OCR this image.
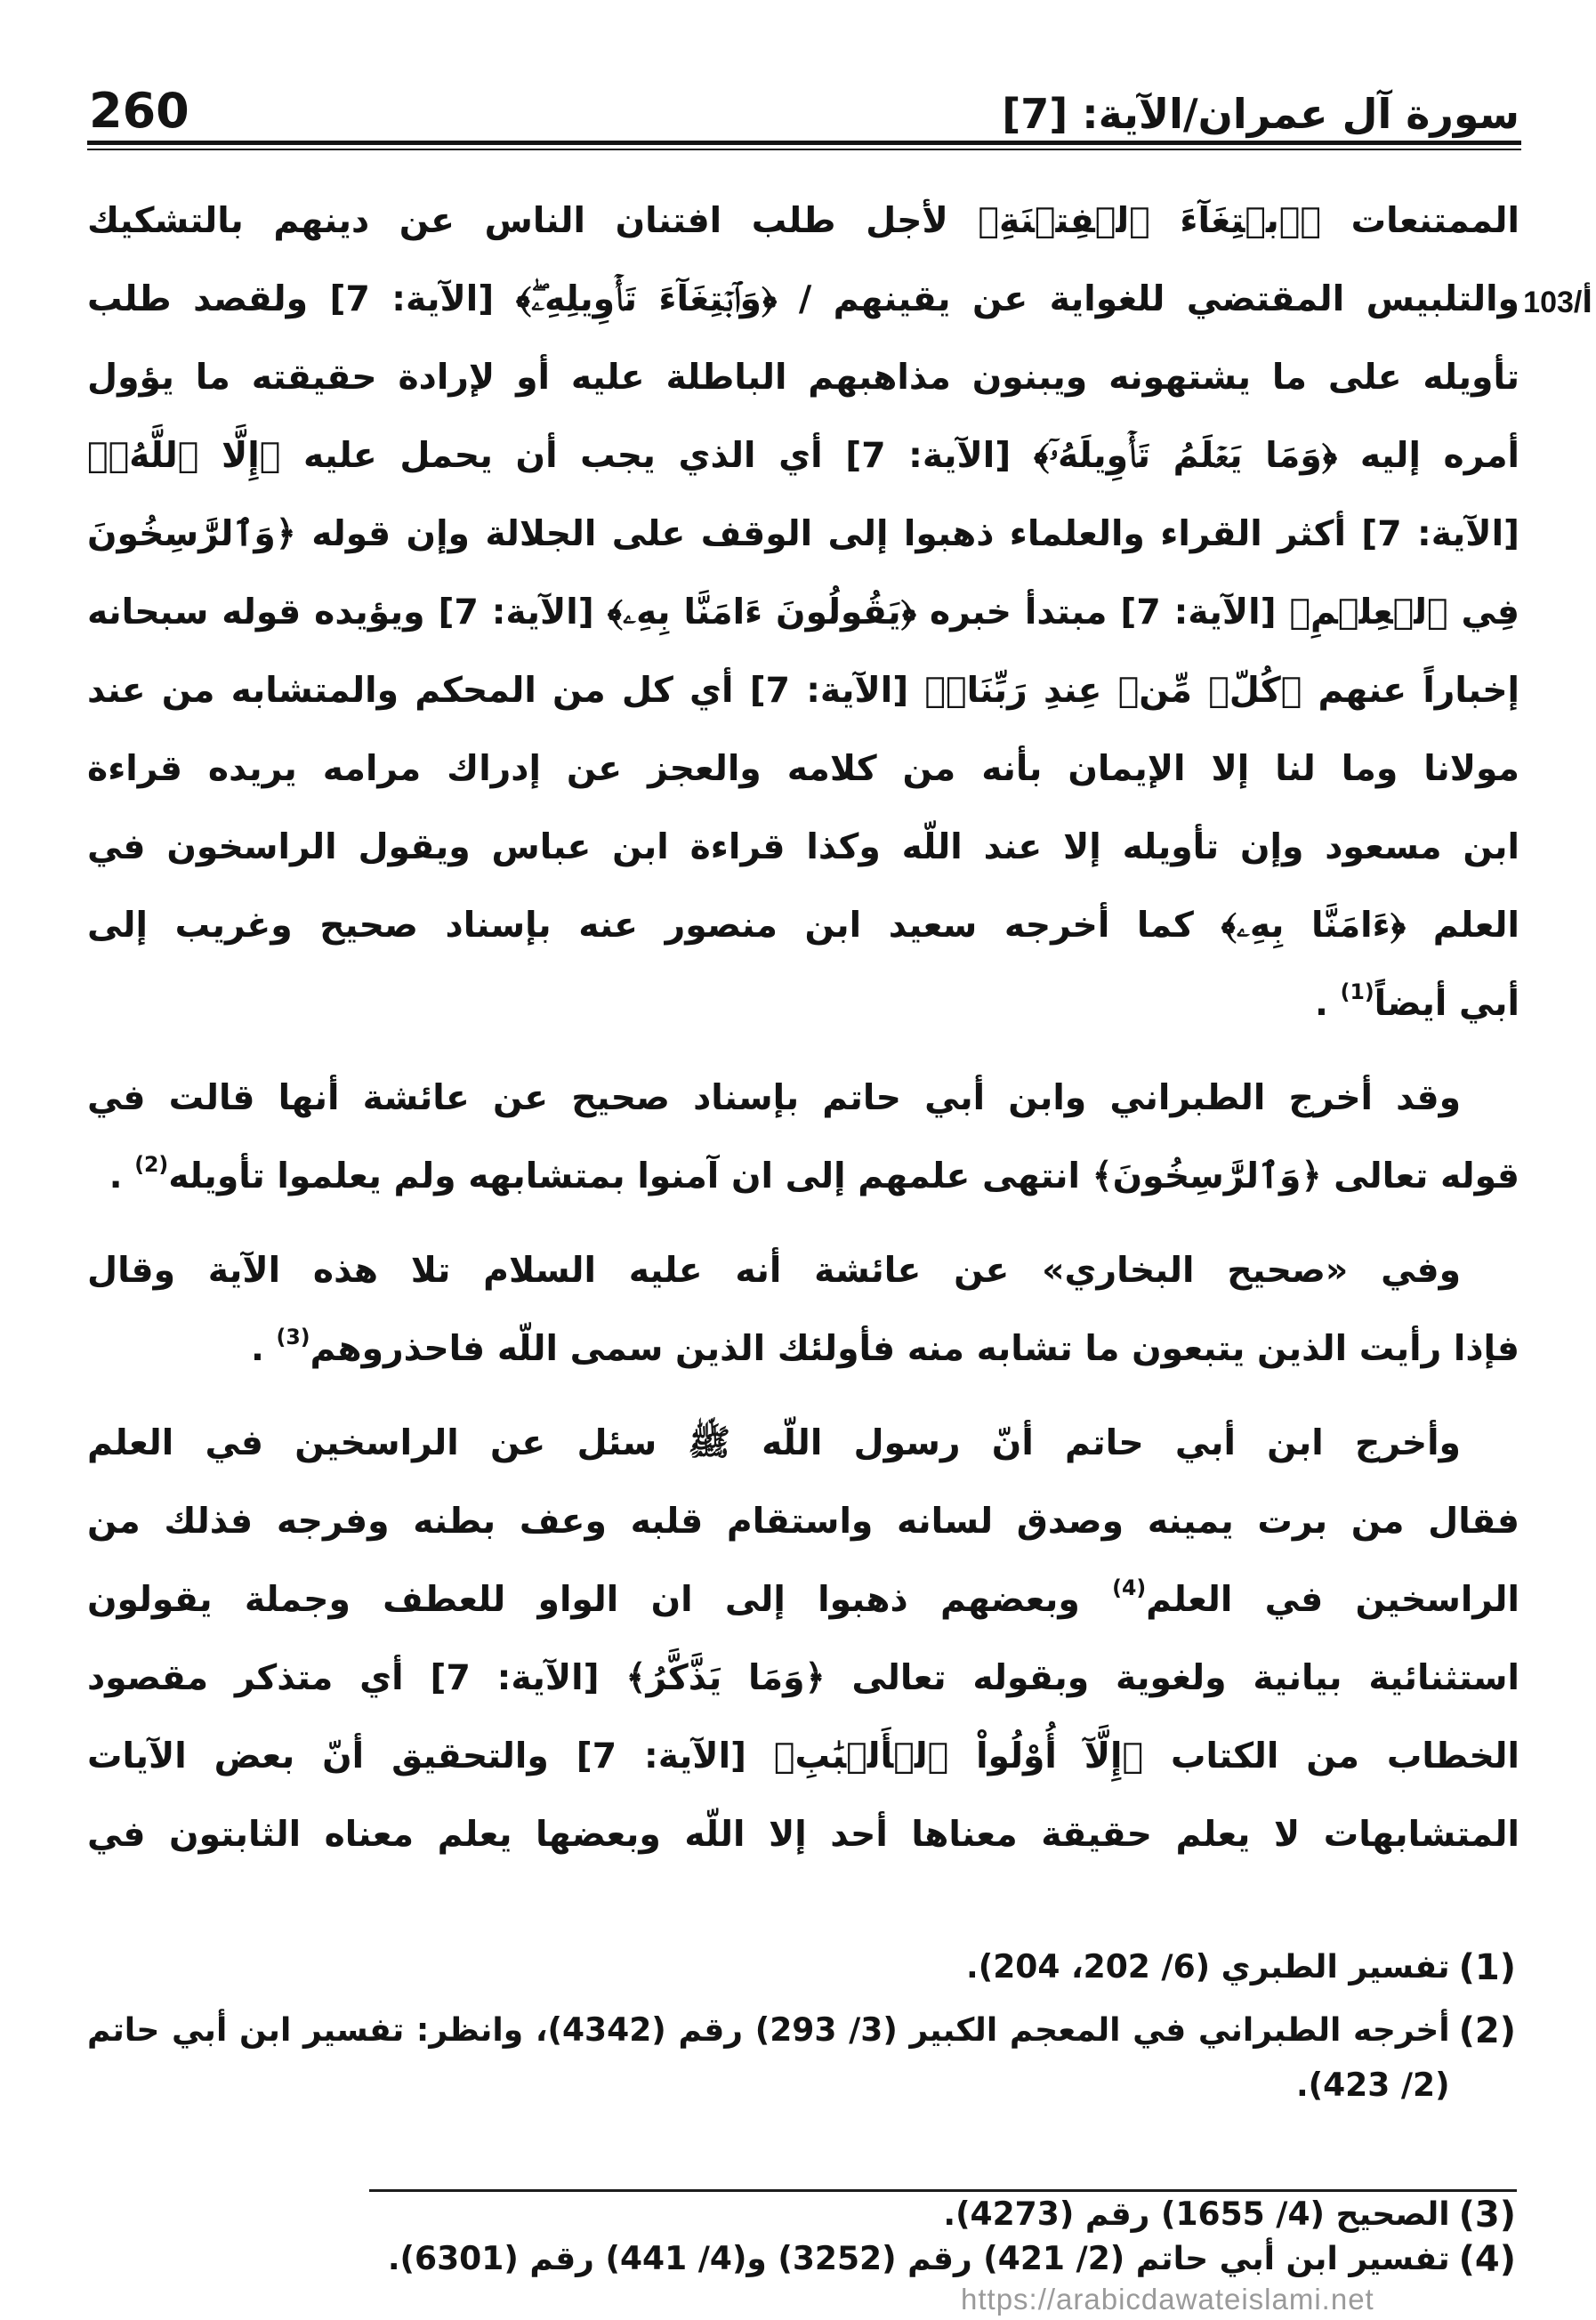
260	سورة آل عمران/الآية: [7]
103/أ
الممتنعات ﴿ٱبۡتِغَآءَ ٱلۡفِتۡنَةِ﴾ لأجل طلب افتنان الناس عن دينهم بالتشكيك
والتلبيس المقتضي للغواية عن يقينهم / ﴿وَٱبۡتِغَآءَ تَأۡوِيلِهِۦۖ﴾ [الآية: 7] ولقصد طلب
تأويله على ما يشتهونه ويبنون مذاهبهم الباطلة عليه أو لإرادة حقيقته ما يؤول
أمره إليه ﴿وَمَا يَعۡلَمُ تَأۡوِيلَهُۥٓ﴾ [الآية: 7] أي الذي يجب أن يحمل عليه ﴿إِلَّا ٱللَّهُۗ﴾
[الآية: 7] أكثر القراء والعلماء ذهبوا إلى الوقف على الجلالة وإن قوله ﴿وَٱلرَّٰسِخُونَ
فِي ٱلۡعِلۡمِ﴾ [الآية: 7] مبتدأ خبره ﴿يَقُولُونَ ءَامَنَّا بِهِۦ﴾ [الآية: 7] ويؤيده قوله سبحانه
إخباراً عنهم ﴿كُلّٞ مِّنۡ عِندِ رَبِّنَاۗ﴾ [الآية: 7] أي كل من المحكم والمتشابه من عند
مولانا وما لنا إلا الإيمان بأنه من كلامه والعجز عن إدراك مرامه يريده قراءة
ابن مسعود وإن تأويله إلا عند اللّه وكذا قراءة ابن عباس ويقول الراسخون في
العلم ﴿ءَامَنَّا بِهِۦ﴾ كما أخرجه سعيد ابن منصور عنه بإسناد صحيح وغريب إلى
أبي أيضاً$^{(1)}$ .
وقد أخرج الطبراني وابن أبي حاتم بإسناد صحيح عن عائشة أنها قالت في
قوله تعالى ﴿وَٱلرَّٰسِخُونَ﴾ انتهى علمهم إلى ان آمنوا بمتشابهه ولم يعلموا تأويله$^{(2)}$ .
وفي «صحيح البخاري» عن عائشة أنه عليه السلام تلا هذه الآية وقال
فإذا رأيت الذين يتبعون ما تشابه منه فأولئك الذين سمى اللّه فاحذروهم$^{(3)}$ .
وأخرج ابن أبي حاتم أنّ رسول اللّه ﷺ سئل عن الراسخين في العلم
فقال من برت يمينه وصدق لسانه واستقام قلبه وعف بطنه وفرجه فذلك من
الراسخين في العلم$^{(4)}$ وبعضهم ذهبوا إلى ان الواو للعطف وجملة يقولون
استثنائية بيانية ولغوية وبقوله تعالى ﴿وَمَا يَذَّكَّرُ﴾ [الآية: 7] أي متذكر مقصود
الخطاب من الكتاب ﴿إِلَّآ أُوْلُواْ ٱلۡأَلۡبَٰبِ﴾ [الآية: 7] والتحقيق أنّ بعض الآيات
المتشابهات لا يعلم حقيقة معناها أحد إلا اللّه وبعضها يعلم معناه الثابتون في
(1)
تفسير الطبري (6/ 202، 204).
(2)
أخرجه الطبراني في المعجم الكبير (3/ 293) رقم (4342)، وانظر: تفسير ابن أبي حاتم
(2/ 423).
(3)
الصحيح (4/ 1655) رقم (4273).
(4)
تفسير ابن أبي حاتم (2/ 421) رقم (3252) و(4/ 441) رقم (6301).
https://arabicdawateislami.net
